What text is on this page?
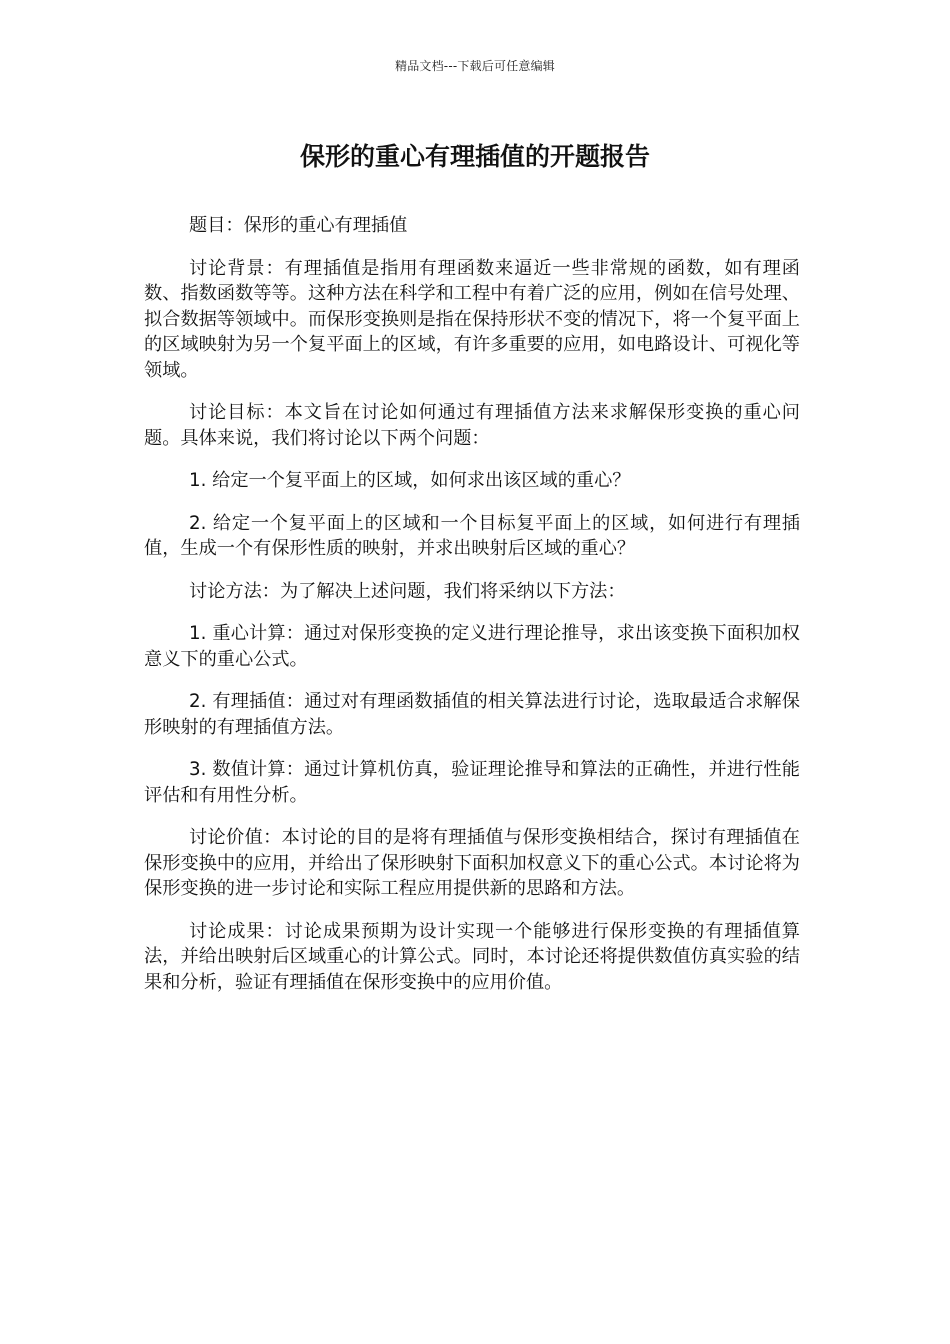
精品文档---下载后可任意编辑
保形的重心有理插值的开题报告

题目：保形的重心有理插值

讨论背景：有理插值是指用有理函数来逼近一些非常规的函数，如有理函数、指数函数等等。这种方法在科学和工程中有着广泛的应用，例如在信号处理、拟合数据等领域中。而保形变换则是指在保持形状不变的情况下，将一个复平面上的区域映射为另一个复平面上的区域，有许多重要的应用，如电路设计、可视化等领域。

讨论目标：本文旨在讨论如何通过有理插值方法来求解保形变换的重心问题。具体来说，我们将讨论以下两个问题：

1. 给定一个复平面上的区域，如何求出该区域的重心？

2. 给定一个复平面上的区域和一个目标复平面上的区域，如何进行有理插值，生成一个有保形性质的映射，并求出映射后区域的重心？

讨论方法：为了解决上述问题，我们将采纳以下方法：

1. 重心计算：通过对保形变换的定义进行理论推导，求出该变换下面积加权意义下的重心公式。

2. 有理插值：通过对有理函数插值的相关算法进行讨论，选取最适合求解保形映射的有理插值方法。

3. 数值计算：通过计算机仿真，验证理论推导和算法的正确性，并进行性能评估和有用性分析。

讨论价值：本讨论的目的是将有理插值与保形变换相结合，探讨有理插值在保形变换中的应用，并给出了保形映射下面积加权意义下的重心公式。本讨论将为保形变换的进一步讨论和实际工程应用提供新的思路和方法。

讨论成果：讨论成果预期为设计实现一个能够进行保形变换的有理插值算法，并给出映射后区域重心的计算公式。同时，本讨论还将提供数值仿真实验的结果和分析，验证有理插值在保形变换中的应用价值。
